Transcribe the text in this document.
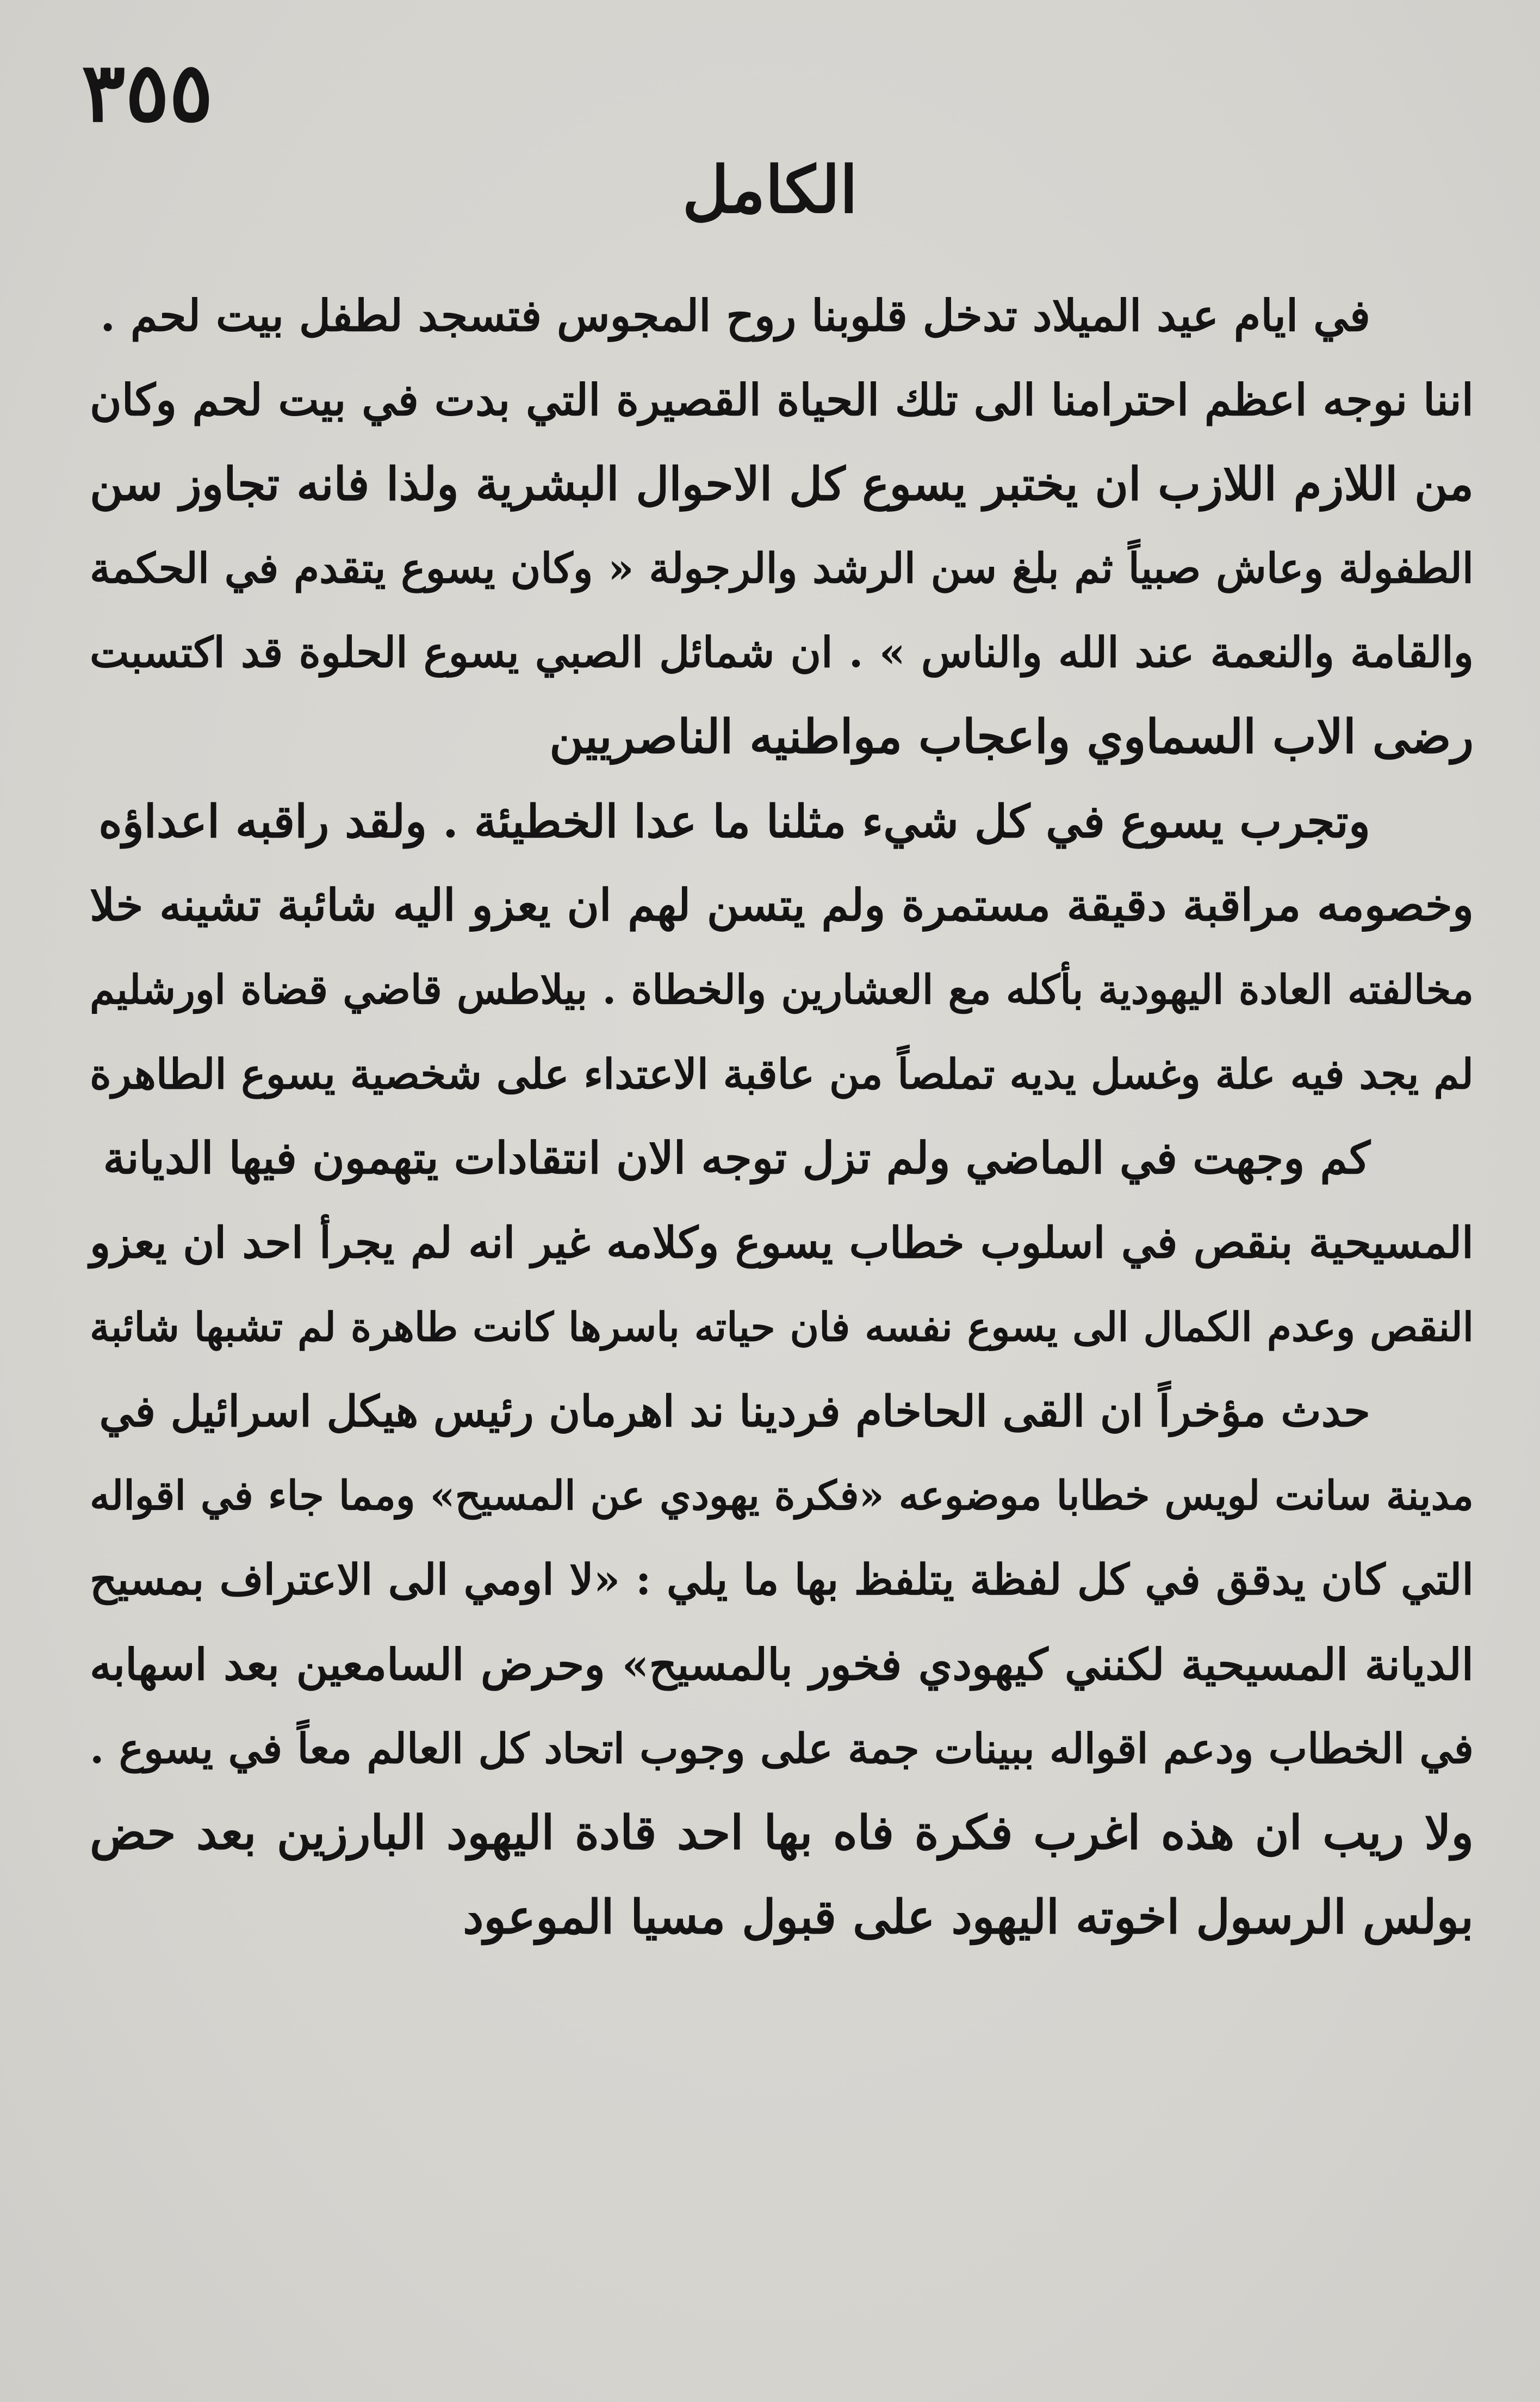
٣٥٥
الكامل
في ايام عيد الميلاد تدخل قلوبنا روح المجوس فتسجد لطفل بيت لحم .
اننا نوجه اعظم احترامنا الى تلك الحياة القصيرة التي بدت في بيت لحم وكان
من اللازم اللازب ان يختبر يسوع كل الاحوال البشرية ولذا فانه تجاوز سن
الطفولة وعاش صبياً ثم بلغ سن الرشد والرجولة « وكان يسوع يتقدم في الحكمة
والقامة والنعمة عند الله والناس » . ان شمائل الصبي يسوع الحلوة قد اكتسبت
رضى الاب السماوي واعجاب مواطنيه الناصريين
وتجرب يسوع في كل شيء مثلنا ما عدا الخطيئة . ولقد راقبه اعداؤه
وخصومه مراقبة دقيقة مستمرة ولم يتسن لهم ان يعزو اليه شائبة تشينه خلا
مخالفته العادة اليهودية بأكله مع العشارين والخطاة . بيلاطس قاضي قضاة اورشليم
لم يجد فيه علة وغسل يديه تملصاً من عاقبة الاعتداء على شخصية يسوع الطاهرة
كم وجهت في الماضي ولم تزل توجه الان انتقادات يتهمون فيها الديانة
المسيحية بنقص في اسلوب خطاب يسوع وكلامه غير انه لم يجرأ احد ان يعزو
النقص وعدم الكمال الى يسوع نفسه فان حياته باسرها كانت طاهرة لم تشبها شائبة
حدث مؤخراً ان القى الحاخام فردينا ند اهرمان رئيس هيكل اسرائيل في
مدينة سانت لويس خطابا موضوعه «فكرة يهودي عن المسيح» ومما جاء في اقواله
التي كان يدقق في كل لفظة يتلفظ بها ما يلي : «لا اومي الى الاعتراف بمسيح
الديانة المسيحية لكنني كيهودي فخور بالمسيح» وحرض السامعين بعد اسهابه
في الخطاب ودعم اقواله ببينات جمة على وجوب اتحاد كل العالم معاً في يسوع .
ولا ريب ان هذه اغرب فكرة فاه بها احد قادة اليهود البارزين بعد حض
بولس الرسول اخوته اليهود على قبول مسيا الموعود
